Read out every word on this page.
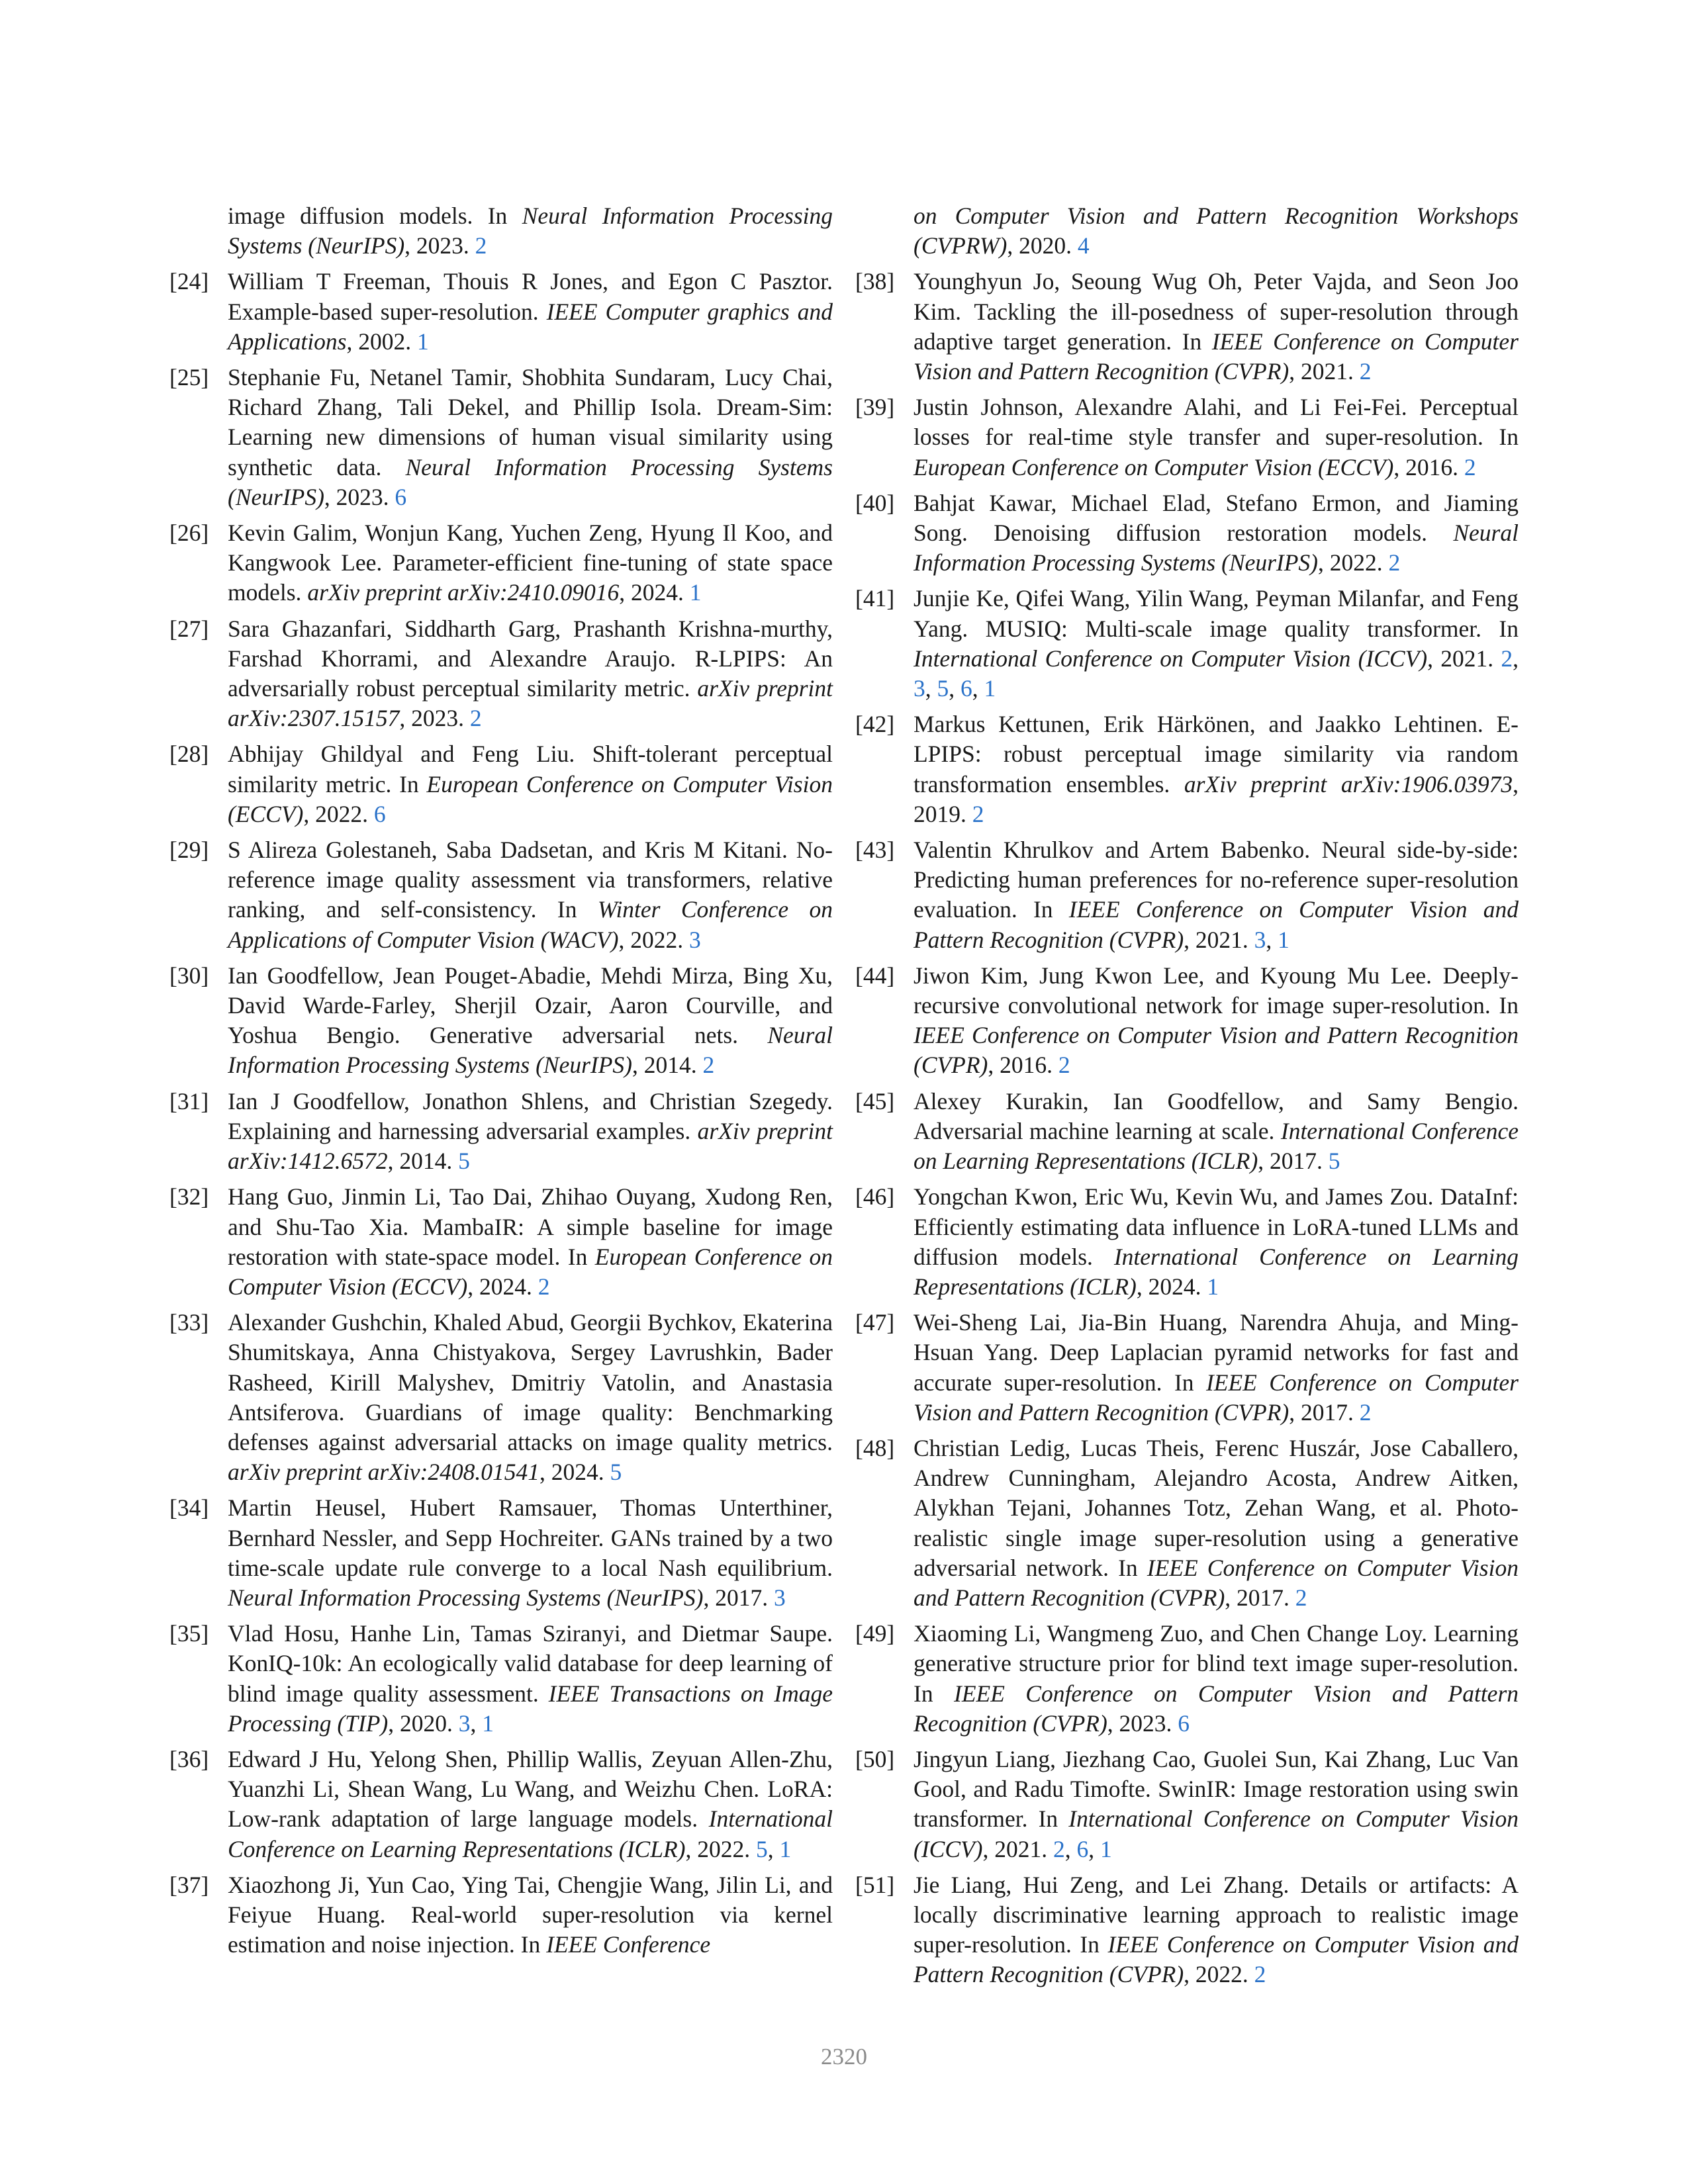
image diffusion models. In Neural Information Processing Systems (NeurIPS), 2023. 2
[24] William T Freeman, Thouis R Jones, and Egon C Pasztor. Example-based super-resolution. IEEE Computer graphics and Applications, 2002. 1
[25] Stephanie Fu, Netanel Tamir, Shobhita Sundaram, Lucy Chai, Richard Zhang, Tali Dekel, and Phillip Isola. Dream-Sim: Learning new dimensions of human visual similarity using synthetic data. Neural Information Processing Systems (NeurIPS), 2023. 6
[26] Kevin Galim, Wonjun Kang, Yuchen Zeng, Hyung Il Koo, and Kangwook Lee. Parameter-efficient fine-tuning of state space models. arXiv preprint arXiv:2410.09016, 2024. 1
[27] Sara Ghazanfari, Siddharth Garg, Prashanth Krishna-murthy, Farshad Khorrami, and Alexandre Araujo. R-LPIPS: An adversarially robust perceptual similarity metric. arXiv preprint arXiv:2307.15157, 2023. 2
[28] Abhijay Ghildyal and Feng Liu. Shift-tolerant perceptual similarity metric. In European Conference on Computer Vision (ECCV), 2022. 6
[29] S Alireza Golestaneh, Saba Dadsetan, and Kris M Kitani. No-reference image quality assessment via transformers, relative ranking, and self-consistency. In Winter Conference on Applications of Computer Vision (WACV), 2022. 3
[30] Ian Goodfellow, Jean Pouget-Abadie, Mehdi Mirza, Bing Xu, David Warde-Farley, Sherjil Ozair, Aaron Courville, and Yoshua Bengio. Generative adversarial nets. Neural Information Processing Systems (NeurIPS), 2014. 2
[31] Ian J Goodfellow, Jonathon Shlens, and Christian Szegedy. Explaining and harnessing adversarial examples. arXiv preprint arXiv:1412.6572, 2014. 5
[32] Hang Guo, Jinmin Li, Tao Dai, Zhihao Ouyang, Xudong Ren, and Shu-Tao Xia. MambaIR: A simple baseline for image restoration with state-space model. In European Conference on Computer Vision (ECCV), 2024. 2
[33] Alexander Gushchin, Khaled Abud, Georgii Bychkov, Ekaterina Shumitskaya, Anna Chistyakova, Sergey Lavrushkin, Bader Rasheed, Kirill Malyshev, Dmitriy Vatolin, and Anastasia Antsiferova. Guardians of image quality: Benchmarking defenses against adversarial attacks on image quality metrics. arXiv preprint arXiv:2408.01541, 2024. 5
[34] Martin Heusel, Hubert Ramsauer, Thomas Unterthiner, Bernhard Nessler, and Sepp Hochreiter. GANs trained by a two time-scale update rule converge to a local Nash equilibrium. Neural Information Processing Systems (NeurIPS), 2017. 3
[35] Vlad Hosu, Hanhe Lin, Tamas Sziranyi, and Dietmar Saupe. KonIQ-10k: An ecologically valid database for deep learning of blind image quality assessment. IEEE Transactions on Image Processing (TIP), 2020. 3, 1
[36] Edward J Hu, Yelong Shen, Phillip Wallis, Zeyuan Allen-Zhu, Yuanzhi Li, Shean Wang, Lu Wang, and Weizhu Chen. LoRA: Low-rank adaptation of large language models. International Conference on Learning Representations (ICLR), 2022. 5, 1
[37] Xiaozhong Ji, Yun Cao, Ying Tai, Chengjie Wang, Jilin Li, and Feiyue Huang. Real-world super-resolution via kernel estimation and noise injection. In IEEE Conference
on Computer Vision and Pattern Recognition Workshops (CVPRW), 2020. 4
[38] Younghyun Jo, Seoung Wug Oh, Peter Vajda, and Seon Joo Kim. Tackling the ill-posedness of super-resolution through adaptive target generation. In IEEE Conference on Computer Vision and Pattern Recognition (CVPR), 2021. 2
[39] Justin Johnson, Alexandre Alahi, and Li Fei-Fei. Perceptual losses for real-time style transfer and super-resolution. In European Conference on Computer Vision (ECCV), 2016. 2
[40] Bahjat Kawar, Michael Elad, Stefano Ermon, and Jiaming Song. Denoising diffusion restoration models. Neural Information Processing Systems (NeurIPS), 2022. 2
[41] Junjie Ke, Qifei Wang, Yilin Wang, Peyman Milanfar, and Feng Yang. MUSIQ: Multi-scale image quality transformer. In International Conference on Computer Vision (ICCV), 2021. 2, 3, 5, 6, 1
[42] Markus Kettunen, Erik Härkönen, and Jaakko Lehtinen. E-LPIPS: robust perceptual image similarity via random transformation ensembles. arXiv preprint arXiv:1906.03973, 2019. 2
[43] Valentin Khrulkov and Artem Babenko. Neural side-by-side: Predicting human preferences for no-reference super-resolution evaluation. In IEEE Conference on Computer Vision and Pattern Recognition (CVPR), 2021. 3, 1
[44] Jiwon Kim, Jung Kwon Lee, and Kyoung Mu Lee. Deeply-recursive convolutional network for image super-resolution. In IEEE Conference on Computer Vision and Pattern Recognition (CVPR), 2016. 2
[45] Alexey Kurakin, Ian Goodfellow, and Samy Bengio. Adversarial machine learning at scale. International Conference on Learning Representations (ICLR), 2017. 5
[46] Yongchan Kwon, Eric Wu, Kevin Wu, and James Zou. DataInf: Efficiently estimating data influence in LoRA-tuned LLMs and diffusion models. International Conference on Learning Representations (ICLR), 2024. 1
[47] Wei-Sheng Lai, Jia-Bin Huang, Narendra Ahuja, and Ming-Hsuan Yang. Deep Laplacian pyramid networks for fast and accurate super-resolution. In IEEE Conference on Computer Vision and Pattern Recognition (CVPR), 2017. 2
[48] Christian Ledig, Lucas Theis, Ferenc Huszár, Jose Caballero, Andrew Cunningham, Alejandro Acosta, Andrew Aitken, Alykhan Tejani, Johannes Totz, Zehan Wang, et al. Photo-realistic single image super-resolution using a generative adversarial network. In IEEE Conference on Computer Vision and Pattern Recognition (CVPR), 2017. 2
[49] Xiaoming Li, Wangmeng Zuo, and Chen Change Loy. Learning generative structure prior for blind text image super-resolution. In IEEE Conference on Computer Vision and Pattern Recognition (CVPR), 2023. 6
[50] Jingyun Liang, Jiezhang Cao, Guolei Sun, Kai Zhang, Luc Van Gool, and Radu Timofte. SwinIR: Image restoration using swin transformer. In International Conference on Computer Vision (ICCV), 2021. 2, 6, 1
[51] Jie Liang, Hui Zeng, and Lei Zhang. Details or artifacts: A locally discriminative learning approach to realistic image super-resolution. In IEEE Conference on Computer Vision and Pattern Recognition (CVPR), 2022. 2
2320
